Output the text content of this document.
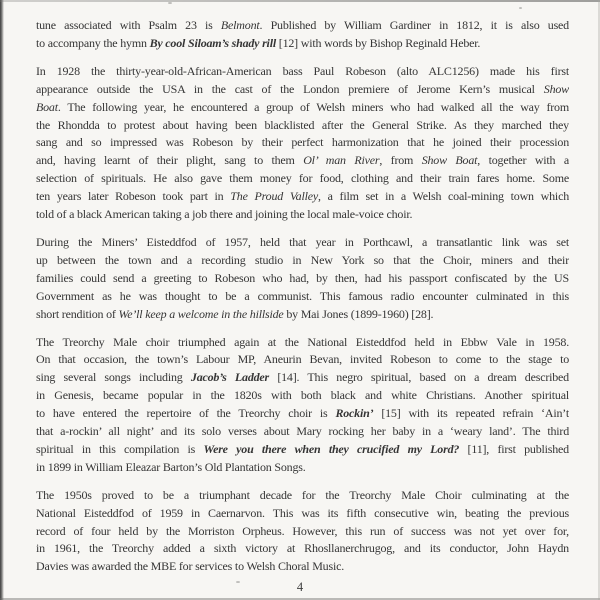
tune associated with Psalm 23 is Belmont. Published by William Gardiner in 1812, it is also used
to accompany the hymn By cool Siloam’s shady rill [12] with words by Bishop Reginald Heber.

In 1928 the thirty-year-old-African-American bass Paul Robeson (alto ALC1256) made his first
appearance outside the USA in the cast of the London premiere of Jerome Kern’s musical Show
Boat. The following year, he encountered a group of Welsh miners who had walked all the way from
the Rhondda to protest about having been blacklisted after the General Strike. As they marched they
sang and so impressed was Robeson by their perfect harmonization that he joined their procession
and, having learnt of their plight, sang to them Ol’ man River, from Show Boat, together with a
selection of spirituals. He also gave them money for food, clothing and their train fares home. Some
ten years later Robeson took part in The Proud Valley, a film set in a Welsh coal-mining town which
told of a black American taking a job there and joining the local male-voice choir.

During the Miners’ Eisteddfod of 1957, held that year in Porthcawl, a transatlantic link was set
up between the town and a recording studio in New York so that the Choir, miners and their
families could send a greeting to Robeson who had, by then, had his passport confiscated by the US
Government as he was thought to be a communist. This famous radio encounter culminated in this
short rendition of We’ll keep a welcome in the hillside by Mai Jones (1899-1960) [28].

The Treorchy Male choir triumphed again at the National Eisteddfod held in Ebbw Vale in 1958.
On that occasion, the town’s Labour MP, Aneurin Bevan, invited Robeson to come to the stage to
sing several songs including Jacob’s Ladder [14]. This negro spiritual, based on a dream described
in Genesis, became popular in the 1820s with both black and white Christians. Another spiritual
to have entered the repertoire of the Treorchy choir is Rockin’ [15] with its repeated refrain ‘Ain’t
that a-rockin’ all night’ and its solo verses about Mary rocking her baby in a ‘weary land’. The third
spiritual in this compilation is Were you there when they crucified my Lord? [11], first published
in 1899 in William Eleazar Barton’s Old Plantation Songs.

The 1950s proved to be a triumphant decade for the Treorchy Male Choir culminating at the
National Eisteddfod of 1959 in Caernarvon. This was its fifth consecutive win, beating the previous
record of four held by the Morriston Orpheus. However, this run of success was not yet over for,
in 1961, the Treorchy added a sixth victory at Rhosllanerchrugog, and its conductor, John Haydn
Davies was awarded the MBE for services to Welsh Choral Music.

4
